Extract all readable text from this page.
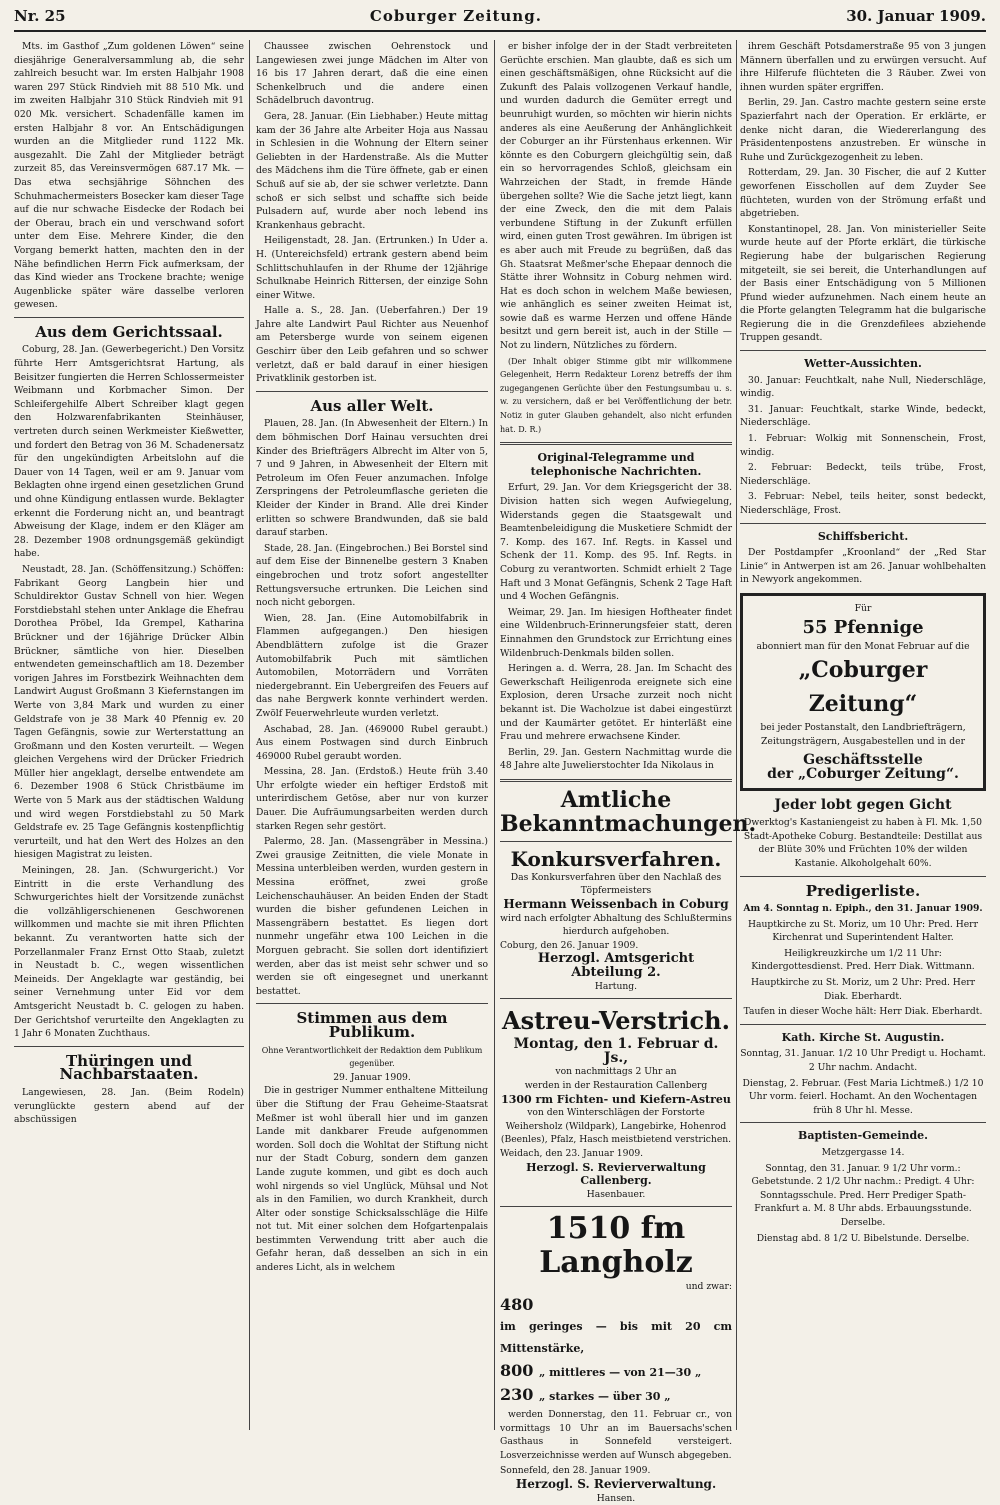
Nr. 25	Coburger Zeitung.	30. Januar 1909.

Mts. im Gasthof „Zum goldenen Löwen“ seine diesjährige Generalversammlung ab, die sehr zahlreich besucht war. Im ersten Halbjahr 1908 waren 297 Stück Rindvieh mit 88 510 Mk. und im zweiten Halbjahr 310 Stück Rindvieh mit 91 020 Mk. versichert. Schadenfälle kamen im ersten Halbjahr 8 vor. An Entschädigungen wurden an die Mitglieder rund 1122 Mk. ausgezahlt. Die Zahl der Mitglieder beträgt zurzeit 85, das Vereinsvermögen 687.17 Mk. — Das etwa sechsjährige Söhnchen des Schuhmachermeisters Bosecker kam dieser Tage auf die nur schwache Eisdecke der Rodach bei der Oberau, brach ein und verschwand sofort unter dem Eise. Mehrere Kinder, die den Vorgang bemerkt hatten, machten den in der Nähe befindlichen Herrn Fick aufmerksam, der das Kind wieder ans Trockene brachte; wenige Augenblicke später wäre dasselbe verloren gewesen.

Aus dem Gerichtssaal.

Coburg, 28. Jan. (Gewerbegericht.) Den Vorsitz führte Herr Amtsgerichtsrat Hartung, als Beisitzer fungierten die Herren Schlossermeister Weibmann und Korbmacher Simon. Der Schleifergehilfe Albert Schreiber klagt gegen den Holzwarenfabrikanten Steinhäuser, vertreten durch seinen Werkmeister Kießwetter, und fordert den Betrag von 36 M. Schadenersatz für den ungekündigten Arbeitslohn auf die Dauer von 14 Tagen, weil er am 9. Januar vom Beklagten ohne irgend einen gesetzlichen Grund und ohne Kündigung entlassen wurde. Beklagter erkennt die Forderung nicht an, und beantragt Abweisung der Klage, indem er den Kläger am 28. Dezember 1908 ordnungsgemäß gekündigt habe.

Neustadt, 28. Jan. (Schöffensitzung.) Schöffen: Fabrikant Georg Langbein hier und Schuldirektor Gustav Schnell von hier. Wegen Forstdiebstahl stehen unter Anklage die Ehefrau Dorothea Pröbel, Ida Grempel, Katharina Brückner und der 16jährige Drücker Albin Brückner, sämtliche von hier. Dieselben entwendeten gemeinschaftlich am 18. Dezember vorigen Jahres im Forstbezirk Weihnachten dem Landwirt August Großmann 3 Kiefernstangen im Werte von 3,84 Mark und wurden zu einer Geldstrafe von je 38 Mark 40 Pfennig ev. 20 Tagen Gefängnis, sowie zur Werterstattung an Großmann und den Kosten verurteilt. — Wegen gleichen Vergehens wird der Drücker Friedrich Müller hier angeklagt, derselbe entwendete am 6. Dezember 1908 6 Stück Christbäume im Werte von 5 Mark aus der städtischen Waldung und wird wegen Forstdiebstahl zu 50 Mark Geldstrafe ev. 25 Tage Gefängnis kostenpflichtig verurteilt, und hat den Wert des Holzes an den hiesigen Magistrat zu leisten.

Meiningen, 28. Jan. (Schwurgericht.) Vor Eintritt in die erste Verhandlung des Schwurgerichtes hielt der Vorsitzende zunächst die vollzähligerschienenen Geschworenen willkommen und machte sie mit ihren Pflichten bekannt. Zu verantworten hatte sich der Porzellanmaler Franz Ernst Otto Staab, zuletzt in Neustadt b. C., wegen wissentlichen Meineids. Der Angeklagte war geständig, bei seiner Vernehmung unter Eid vor dem Amtsgericht Neustadt b. C. gelogen zu haben. Der Gerichtshof verurteilte den Angeklagten zu 1 Jahr 6 Monaten Zuchthaus.

Thüringen und Nachbarstaaten.

Langewiesen, 28. Jan. (Beim Rodeln) verunglückte gestern abend auf der abschüssigen

Chaussee zwischen Oehrenstock und Langewiesen zwei junge Mädchen im Alter von 16 bis 17 Jahren derart, daß die eine einen Schenkelbruch und die andere einen Schädelbruch davontrug.

Gera, 28. Januar. (Ein Liebhaber.) Heute mittag kam der 36 Jahre alte Arbeiter Hoja aus Nassau in Schlesien in die Wohnung der Eltern seiner Geliebten in der Hardenstraße. Als die Mutter des Mädchens ihm die Türe öffnete, gab er einen Schuß auf sie ab, der sie schwer verletzte. Dann schoß er sich selbst und schaffte sich beide Pulsadern auf, wurde aber noch lebend ins Krankenhaus gebracht.

Heiligenstadt, 28. Jan. (Ertrunken.) In Uder a. H. (Untereichsfeld) ertrank gestern abend beim Schlittschuhlaufen in der Rhume der 12jährige Schulknabe Heinrich Rittersen, der einzige Sohn einer Witwe.

Halle a. S., 28. Jan. (Ueberfahren.) Der 19 Jahre alte Landwirt Paul Richter aus Neuenhof am Petersberge wurde von seinem eigenen Geschirr über den Leib gefahren und so schwer verletzt, daß er bald darauf in einer hiesigen Privatklinik gestorben ist.

Aus aller Welt.

Plauen, 28. Jan. (In Abwesenheit der Eltern.) In dem böhmischen Dorf Hainau versuchten drei Kinder des Briefträgers Albrecht im Alter von 5, 7 und 9 Jahren, in Abwesenheit der Eltern mit Petroleum im Ofen Feuer anzumachen. Infolge Zerspringens der Petroleumflasche gerieten die Kleider der Kinder in Brand. Alle drei Kinder erlitten so schwere Brandwunden, daß sie bald darauf starben.

Stade, 28. Jan. (Eingebrochen.) Bei Borstel sind auf dem Eise der Binnenelbe gestern 3 Knaben eingebrochen und trotz sofort angestellter Rettungsversuche ertrunken. Die Leichen sind noch nicht geborgen.

Wien, 28. Jan. (Eine Automobilfabrik in Flammen aufgegangen.) Den hiesigen Abendblättern zufolge ist die Grazer Automobilfabrik Puch mit sämtlichen Automobilen, Motorrädern und Vorräten niedergebrannt. Ein Uebergreifen des Feuers auf das nahe Bergwerk konnte verhindert werden. Zwölf Feuerwehrleute wurden verletzt.

Aschabad, 28. Jan. (469000 Rubel geraubt.) Aus einem Postwagen sind durch Einbruch 469000 Rubel geraubt worden.

Messina, 28. Jan. (Erdstoß.) Heute früh 3.40 Uhr erfolgte wieder ein heftiger Erdstoß mit unterirdischem Getöse, aber nur von kurzer Dauer. Die Aufräumungsarbeiten werden durch starken Regen sehr gestört.

Palermo, 28. Jan. (Massengräber in Messina.) Zwei grausige Zeitnitten, die viele Monate in Messina unterbleiben werden, wurden gestern in Messina eröffnet, zwei große Leichenschauhäuser. An beiden Enden der Stadt wurden die bisher gefundenen Leichen in Massengräbern bestattet. Es liegen dort nunmehr ungefähr etwa 100 Leichen in die Morguen gebracht. Sie sollen dort identifiziert werden, aber das ist meist sehr schwer und so werden sie oft eingesegnet und unerkannt bestattet.

Stimmen aus dem Publikum.
Ohne Verantwortlichkeit der Redaktion dem Publikum gegenüber.
29. Januar 1909.

Die in gestriger Nummer enthaltene Mitteilung über die Stiftung der Frau Geheime-Staatsrat Meßmer ist wohl überall hier und im ganzen Lande mit dankbarer Freude aufgenommen worden. Soll doch die Wohltat der Stiftung nicht nur der Stadt Coburg, sondern dem ganzen Lande zugute kommen, und gibt es doch auch wohl nirgends so viel Unglück, Mühsal und Not als in den Familien, wo durch Krankheit, durch Alter oder sonstige Schicksalsschläge die Hilfe not tut. Mit einer solchen dem Hofgartenpalais bestimmten Verwendung tritt aber auch die Gefahr heran, daß desselben an sich in ein anderes Licht, als in welchem

er bisher infolge der in der Stadt verbreiteten Gerüchte erschien. Man glaubte, daß es sich um einen geschäftsmäßigen, ohne Rücksicht auf die Zukunft des Palais vollzogenen Verkauf handle, und wurden dadurch die Gemüter erregt und beunruhigt wurden, so möchten wir hierin nichts anderes als eine Aeußerung der Anhänglichkeit der Coburger an ihr Fürstenhaus erkennen. Wir könnte es den Coburgern gleichgültig sein, daß ein so hervorragendes Schloß, gleichsam ein Wahrzeichen der Stadt, in fremde Hände übergehen sollte? Wie die Sache jetzt liegt, kann der eine Zweck, den die mit dem Palais verbundene Stiftung in der Zukunft erfüllen wird, einen guten Trost gewähren. Im übrigen ist es aber auch mit Freude zu begrüßen, daß das Gh. Staatsrat Meßmer'sche Ehepaar dennoch die Stätte ihrer Wohnsitz in Coburg nehmen wird. Hat es doch schon in welchem Maße bewiesen, wie anhänglich es seiner zweiten Heimat ist, sowie daß es warme Herzen und offene Hände besitzt und gern bereit ist, auch in der Stille — Not zu lindern, Nützliches zu fördern.

(Der Inhalt obiger Stimme gibt mir willkommene Gelegenheit, Herrn Redakteur Lorenz betreffs der ihm zugegangenen Gerüchte über den Festungsumbau u. s. w. zu versichern, daß er bei Veröffentlichung der betr. Notiz in guter Glauben gehandelt, also nicht erfunden hat. D. R.)

Original-Telegramme und telephonische Nachrichten.

Erfurt, 29. Jan. Vor dem Kriegsgericht der 38. Division hatten sich wegen Aufwiegelung, Widerstands gegen die Staatsgewalt und Beamtenbeleidigung die Musketiere Schmidt der 7. Komp. des 167. Inf. Regts. in Kassel und Schenk der 11. Komp. des 95. Inf. Regts. in Coburg zu verantworten. Schmidt erhielt 2 Tage Haft und 3 Monat Gefängnis, Schenk 2 Tage Haft und 4 Wochen Gefängnis.

Weimar, 29. Jan. Im hiesigen Hoftheater findet eine Wildenbruch-Erinnerungsfeier statt, deren Einnahmen den Grundstock zur Errichtung eines Wildenbruch-Denkmals bilden sollen.

Heringen a. d. Werra, 28. Jan. Im Schacht des Gewerkschaft Heiligenroda ereignete sich eine Explosion, deren Ursache zurzeit noch nicht bekannt ist. Die Wacholzue ist dabei eingestürzt und der Kaumärter getötet. Er hinterläßt eine Frau und mehrere erwachsene Kinder.

Berlin, 29. Jan. Gestern Nachmittag wurde die 48 Jahre alte Juwelierstochter Ida Nikolaus in

Amtliche Bekanntmachungen.
Konkursverfahren.
Das Konkursverfahren über den Nachlaß des Töpfermeisters
Hermann Weissenbach in Coburg
wird nach erfolgter Abhaltung des Schlußtermins hierdurch aufgehoben.
Coburg, den 26. Januar 1909.
Herzogl. Amtsgericht Abteilung 2.
Hartung.
Astreu-Verstrich.
Montag, den 1. Februar d. Js.,
von nachmittags 2 Uhr an
werden in der Restauration Callenberg
1300 rm Fichten- und Kiefern-Astreu
von den Winterschlägen der Forstorte Weihersholz (Wildpark), Langebirke, Hohenrod (Beenles), Pfalz, Hasch meistbietend verstrichen.
Weidach, den 23. Januar 1909.
Herzogl. S. Revierverwaltung Callenberg.
Hasenbauer.
1510 fm Langholz
und zwar:
480 im geringes — bis mit 20 cm Mittenstärke,
800 „ mittleres — von 21—30 „
230 „ starkes — über 30 „

werden Donnerstag, den 11. Februar cr., von vormittags 10 Uhr an im Bauersachs'schen Gasthaus in Sonnefeld versteigert. Losverzeichnisse werden auf Wunsch abgegeben.

Sonnefeld, den 28. Januar 1909.
Herzogl. S. Revierverwaltung.
Hansen.

ihrem Geschäft Potsdamerstraße 95 von 3 jungen Männern überfallen und zu erwürgen versucht. Auf ihre Hilferufe flüchteten die 3 Räuber. Zwei von ihnen wurden später ergriffen.

Berlin, 29. Jan. Castro machte gestern seine erste Spazierfahrt nach der Operation. Er erklärte, er denke nicht daran, die Wiedererlangung des Präsidentenpostens anzustreben. Er wünsche in Ruhe und Zurückgezogenheit zu leben.

Rotterdam, 29. Jan. 30 Fischer, die auf 2 Kutter geworfenen Eisschollen auf dem Zuyder See flüchteten, wurden von der Strömung erfaßt und abgetrieben.

Konstantinopel, 28. Jan. Von ministerieller Seite wurde heute auf der Pforte erklärt, die türkische Regierung habe der bulgarischen Regierung mitgeteilt, sie sei bereit, die Unterhandlungen auf der Basis einer Entschädigung von 5 Millionen Pfund wieder aufzunehmen. Nach einem heute an die Pforte gelangten Telegramm hat die bulgarische Regierung die in die Grenzdefilees abziehende Truppen gesandt.

Wetter-Aussichten.

30. Januar: Feuchtkalt, nahe Null, Niederschläge, windig.

31. Januar: Feuchtkalt, starke Winde, bedeckt, Niederschläge.

1. Februar: Wolkig mit Sonnenschein, Frost, windig.

2. Februar: Bedeckt, teils trübe, Frost, Niederschläge.

3. Februar: Nebel, teils heiter, sonst bedeckt, Niederschläge, Frost.

Schiffsbericht.

Der Postdampfer „Kroonland“ der „Red Star Linie“ in Antwerpen ist am 26. Januar wohlbehalten in Newyork angekommen.

Für
55 Pfennige
abonniert man für den Monat Februar auf die
„Coburger Zeitung“
bei jeder Postanstalt, den Landbriefträgern, Zeitungsträgern, Ausgabestellen und in der
Geschäftsstelle
der „Coburger Zeitung“.
Jeder lobt gegen Gicht

Dwerktog's Kastaniengeist zu haben à Fl. Mk. 1,50 Stadt-Apotheke Coburg. Bestandteile: Destillat aus der Blüte 30% und Früchten 10% der wilden Kastanie. Alkoholgehalt 60%.

Predigerliste.

Am 4. Sonntag n. Epiph., den 31. Januar 1909.

Hauptkirche zu St. Moriz, um 10 Uhr: Pred. Herr Kirchenrat und Superintendent Halter.

Heiligkreuzkirche um 1/2 11 Uhr: Kindergottesdienst. Pred. Herr Diak. Wittmann.

Hauptkirche zu St. Moriz, um 2 Uhr: Pred. Herr Diak. Eberhardt.

Taufen in dieser Woche hält: Herr Diak. Eberhardt.

Kath. Kirche St. Augustin.

Sonntag, 31. Januar. 1/2 10 Uhr Predigt u. Hochamt. 2 Uhr nachm. Andacht.

Dienstag, 2. Februar. (Fest Maria Lichtmeß.) 1/2 10 Uhr vorm. feierl. Hochamt. An den Wochentagen früh 8 Uhr hl. Messe.

Baptisten-Gemeinde.

Metzgergasse 14.

Sonntag, den 31. Januar. 9 1/2 Uhr vorm.: Gebetstunde. 2 1/2 Uhr nachm.: Predigt. 4 Uhr: Sonntagsschule. Pred. Herr Prediger Spath-Frankfurt a. M. 8 Uhr abds. Erbauungsstunde. Derselbe.

Dienstag abd. 8 1/2 U. Bibelstunde. Derselbe.
